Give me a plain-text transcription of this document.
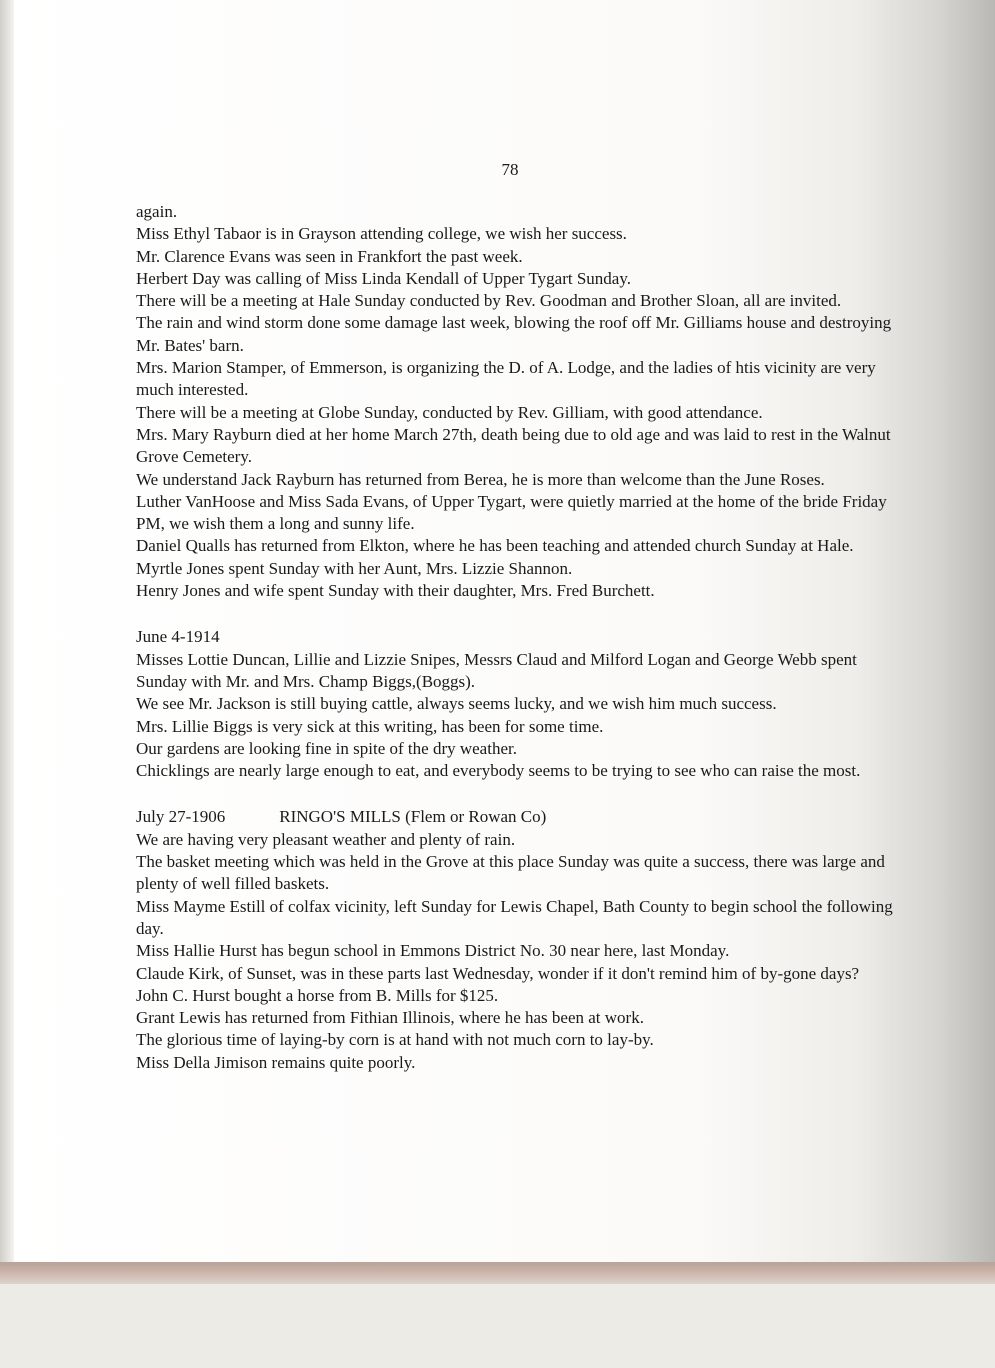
78

again.

Miss Ethyl Tabaor is in Grayson attending college, we wish her success.

Mr. Clarence Evans was seen in Frankfort the past week.

Herbert Day was calling of Miss Linda Kendall of Upper Tygart Sunday.

There will be a meeting at Hale Sunday conducted by Rev. Goodman and Brother Sloan, all are invited.

The rain and wind storm done some damage last week, blowing the roof off Mr. Gilliams house and destroying Mr. Bates' barn.

Mrs. Marion Stamper, of Emmerson, is organizing the D. of A. Lodge, and the ladies of htis vicinity are very much interested.

There will be a meeting at Globe Sunday, conducted by Rev. Gilliam, with good attendance.

Mrs. Mary Rayburn died at her home March 27th, death being due to old age and was laid to rest in the Walnut Grove Cemetery.

We understand Jack Rayburn has returned from Berea, he is more than welcome than the June Roses.

Luther VanHoose and Miss Sada Evans, of Upper Tygart, were quietly married at the home of the bride Friday PM, we wish them a long and sunny life.

Daniel Qualls has returned from Elkton, where he has been teaching and attended church Sunday at Hale.

Myrtle Jones spent Sunday with her Aunt, Mrs. Lizzie Shannon.

Henry Jones and wife spent Sunday with their daughter, Mrs. Fred Burchett.

June 4-1914

Misses Lottie Duncan, Lillie and Lizzie Snipes, Messrs Claud and Milford Logan and George Webb spent Sunday with Mr. and Mrs. Champ Biggs,(Boggs).

We see Mr. Jackson is still buying cattle, always seems lucky, and we wish him much success.

Mrs. Lillie Biggs is very sick at this writing, has been for some time.

Our gardens are looking fine in spite of the dry weather.

Chicklings are nearly large enough to eat, and everybody seems to be trying to see who can raise the most.

July 27-1906	RINGO'S MILLS (Flem or Rowan Co)

We are having very pleasant weather and plenty of rain.

The basket meeting which was held in the Grove at this place Sunday was quite a success, there was large and plenty of well filled baskets.

Miss Mayme Estill of colfax vicinity, left Sunday for Lewis Chapel, Bath County to begin school the following day.

Miss Hallie Hurst has begun school in Emmons District No. 30 near here, last Monday.

Claude Kirk, of Sunset, was in these parts last Wednesday, wonder if it don't remind him of by-gone days?

John C. Hurst bought a horse from B. Mills for $125.

Grant Lewis has returned from Fithian Illinois, where he has been at work.

The glorious time of laying-by corn is at hand with not much corn to lay-by.

Miss Della Jimison remains quite poorly.
